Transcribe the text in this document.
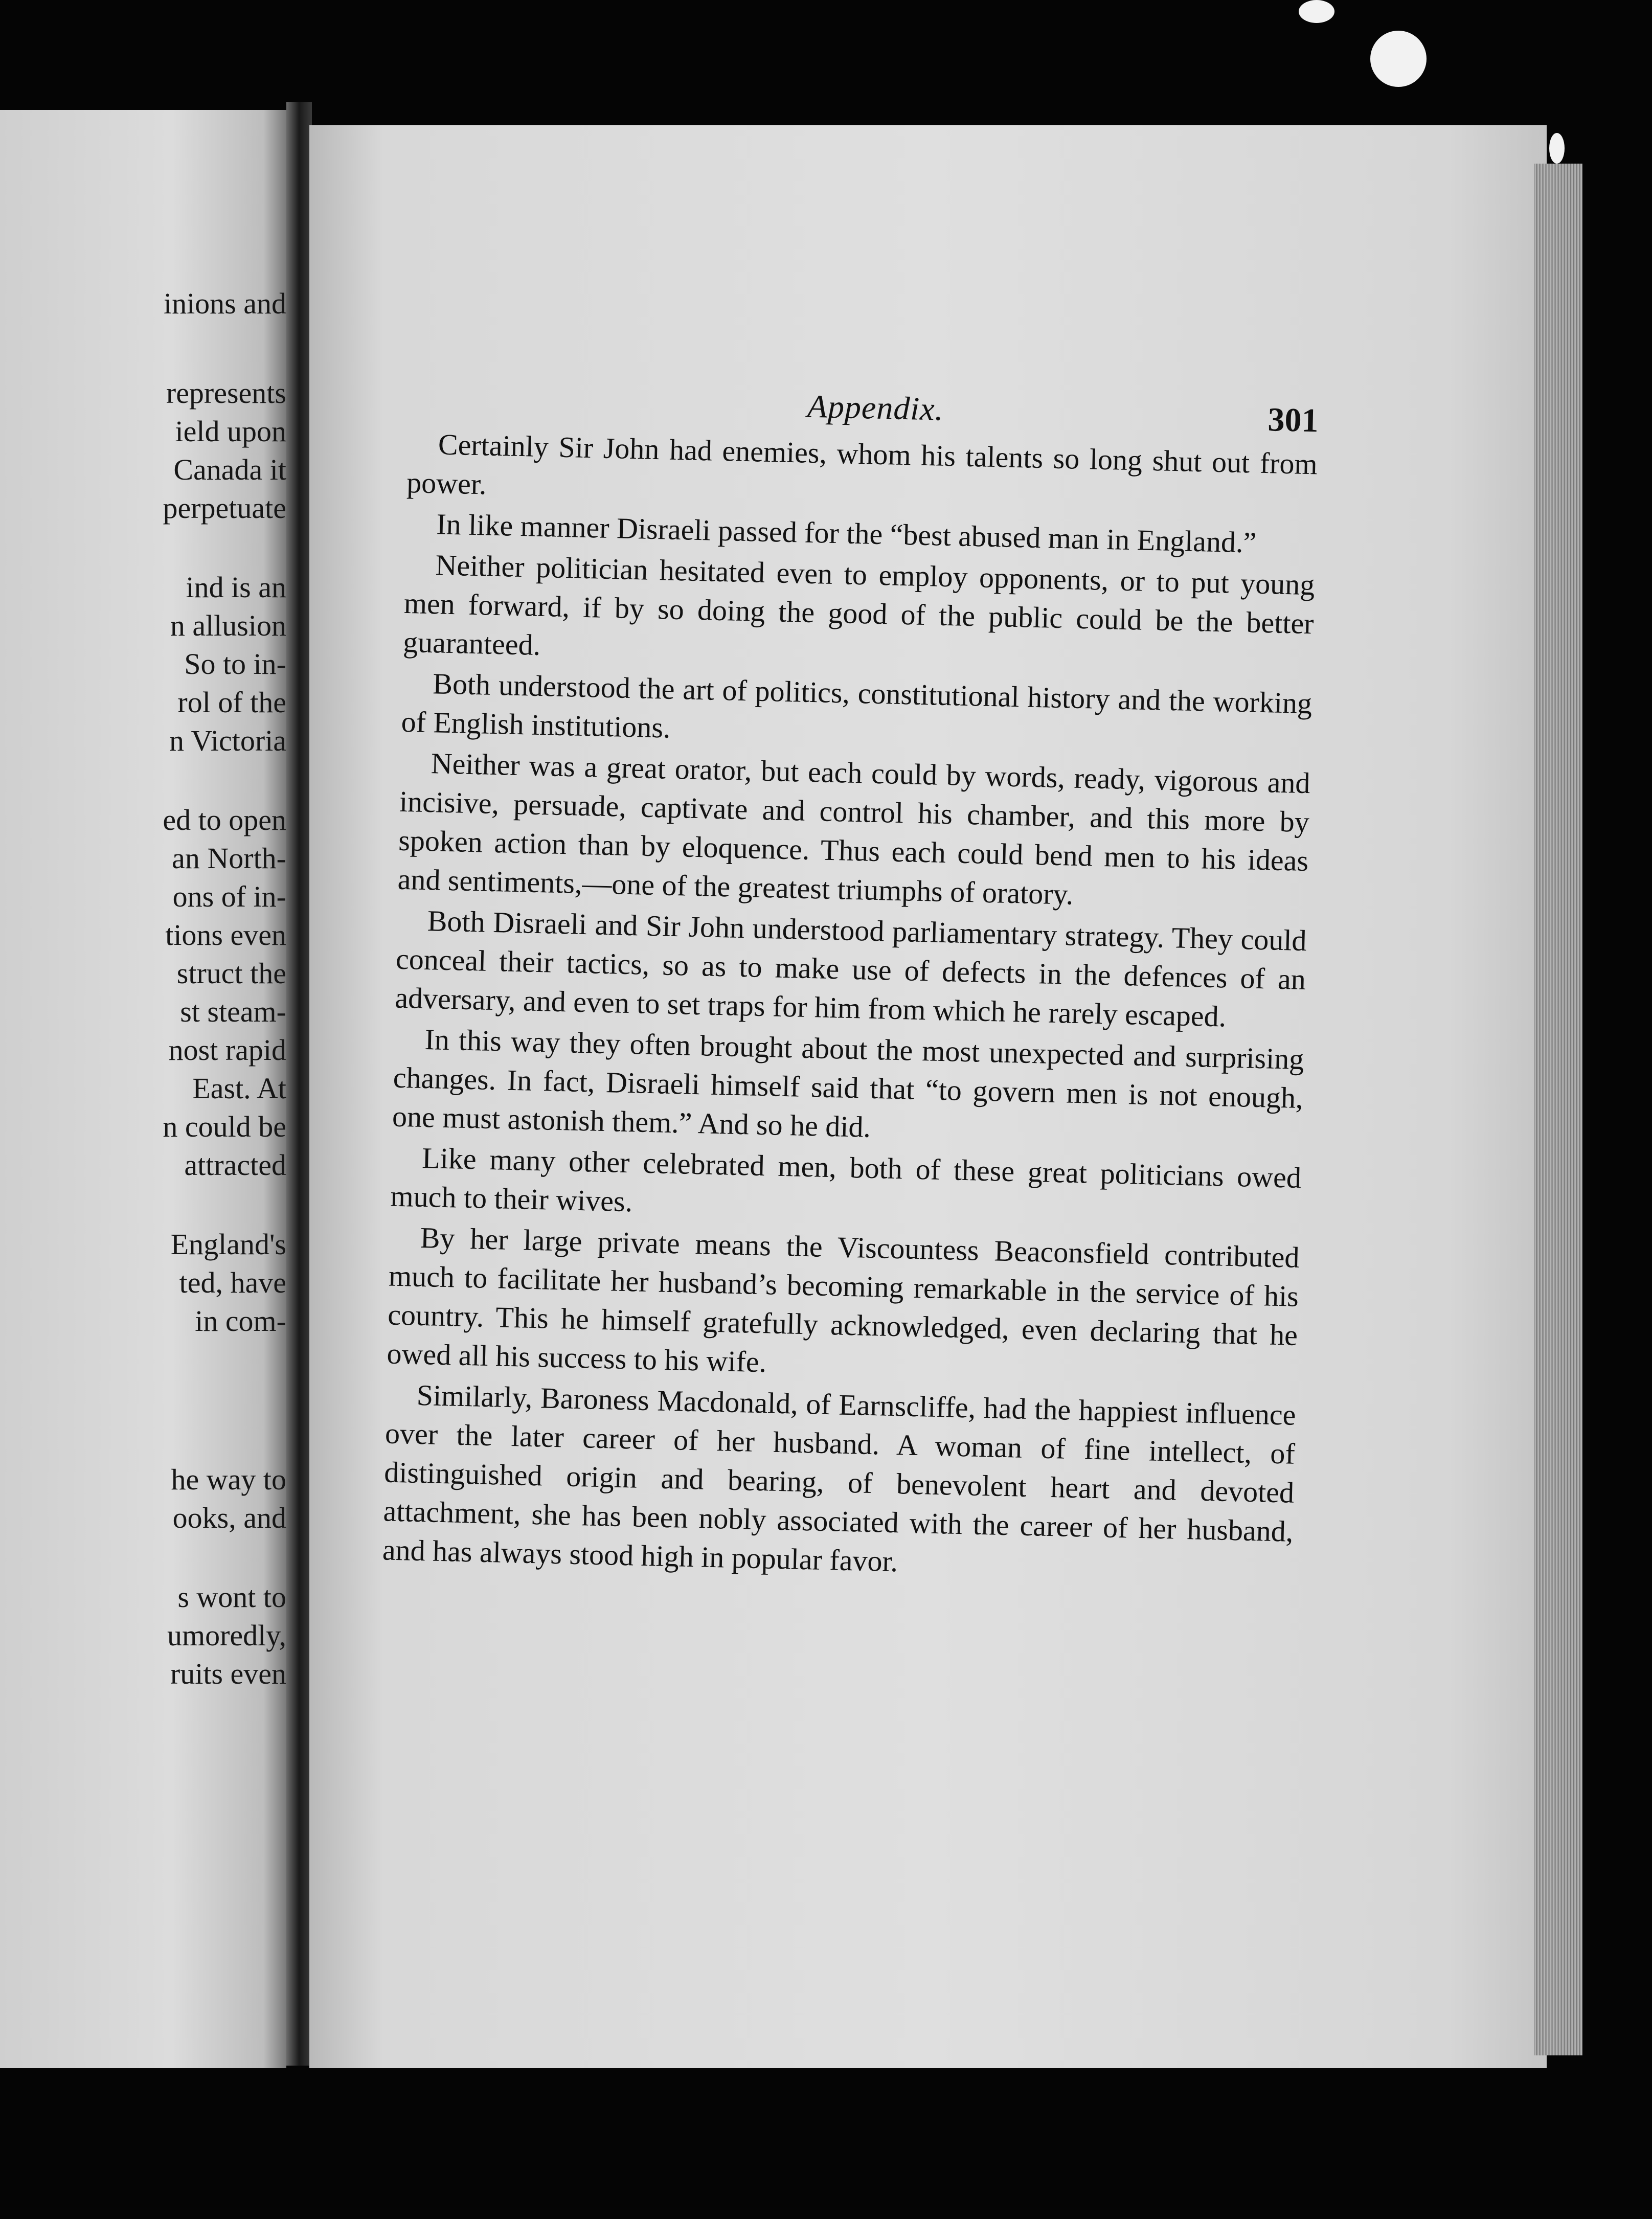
inions and
represents
ield upon
Canada it
perpetuate
ind is an
n allusion
So to in-
rol of the
n Victoria
ed to open
an North-
ons of in-
tions even
struct the
st steam-
nost rapid
East. At
n could be
attracted
England's
ted, have
in com-
he way to
ooks, and
s wont to
umoredly,
ruits even
Appendix.	301

Certainly Sir John had enemies, whom his talents so long shut out from power.

In like manner Disraeli passed for the “best abused man in England.”

Neither politician hesitated even to employ opponents, or to put young men forward, if by so doing the good of the public could be the better guaranteed.

Both understood the art of politics, constitutional history and the working of English institutions.

Neither was a great orator, but each could by words, ready, vigorous and incisive, persuade, captivate and control his chamber, and this more by spoken action than by eloquence. Thus each could bend men to his ideas and sentiments,—one of the greatest triumphs of oratory.

Both Disraeli and Sir John understood parliamentary strategy. They could conceal their tactics, so as to make use of defects in the defences of an adversary, and even to set traps for him from which he rarely escaped.

In this way they often brought about the most unexpected and surprising changes. In fact, Disraeli himself said that “to govern men is not enough, one must astonish them.” And so he did.

Like many other celebrated men, both of these great politicians owed much to their wives.

By her large private means the Viscountess Beaconsfield contributed much to facilitate her husband’s becoming remarkable in the service of his country. This he himself gratefully acknowledged, even declaring that he owed all his success to his wife.

Similarly, Baroness Macdonald, of Earnscliffe, had the happiest influence over the later career of her husband. A woman of fine intellect, of distinguished origin and bearing, of benevolent heart and devoted attachment, she has been nobly associated with the career of her husband, and has always stood high in popular favor.
